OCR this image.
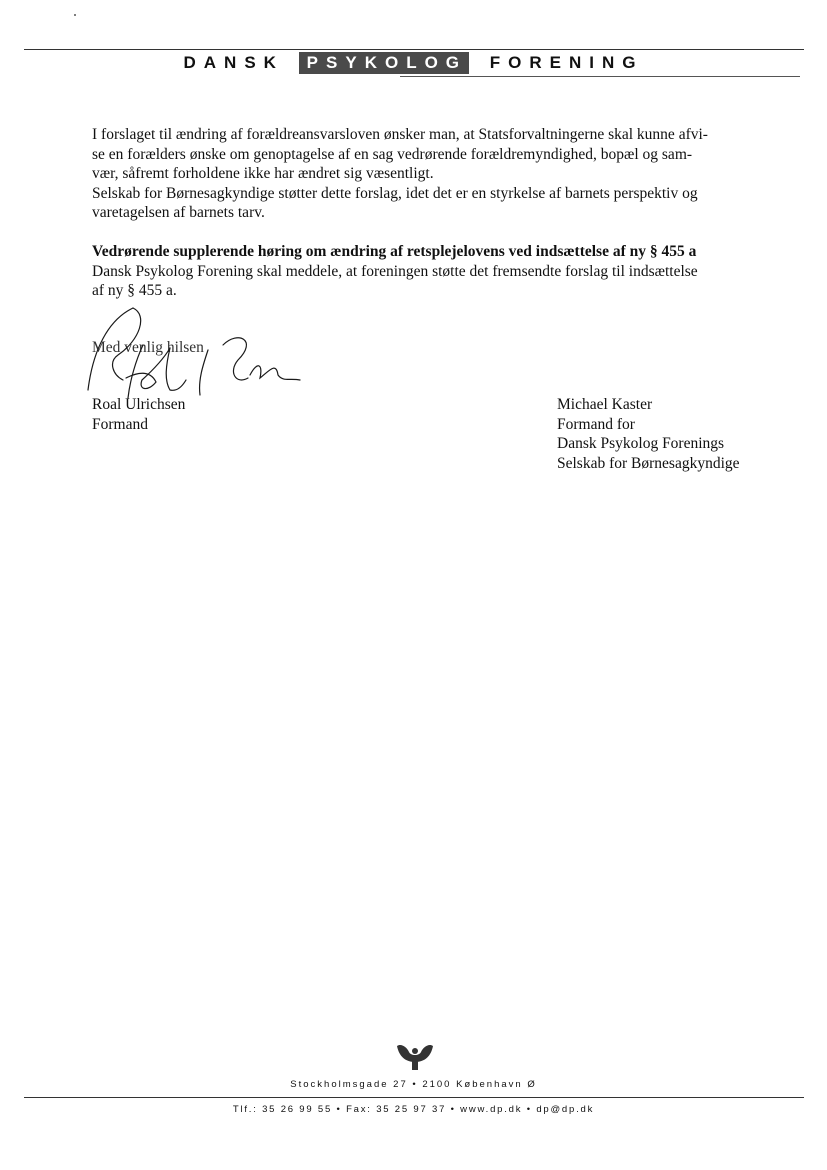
DANSK PSYKOLOG FORENING

I forslaget til ændring af forældreansvarsloven ønsker man, at Statsforvaltningerne skal kunne afvi-

se en forælders ønske om genoptagelse af en sag vedrørende forældremyndighed, bopæl og sam-

vær, såfremt forholdene ikke har ændret sig væsentligt.

Selskab for Børnesagkyndige støtter dette forslag, idet det er en styrkelse af barnets perspektiv og

varetagelsen af barnets tarv.

Vedrørende supplerende høring om ændring af retsplejelovens ved indsættelse af ny § 455 a

Dansk Psykolog Forening skal meddele, at foreningen støtte det fremsendte forslag til indsættelse

af ny § 455 a.

Med venlig hilsen
Roal Ulrichsen
Formand
Michael Kaster
Formand for
Dansk Psykolog Forenings
Selskab for Børnesagkyndige
Stockholmsgade 27 • 2100 København Ø
Tlf.: 35 26 99 55 • Fax: 35 25 97 37 • www.dp.dk • dp@dp.dk
